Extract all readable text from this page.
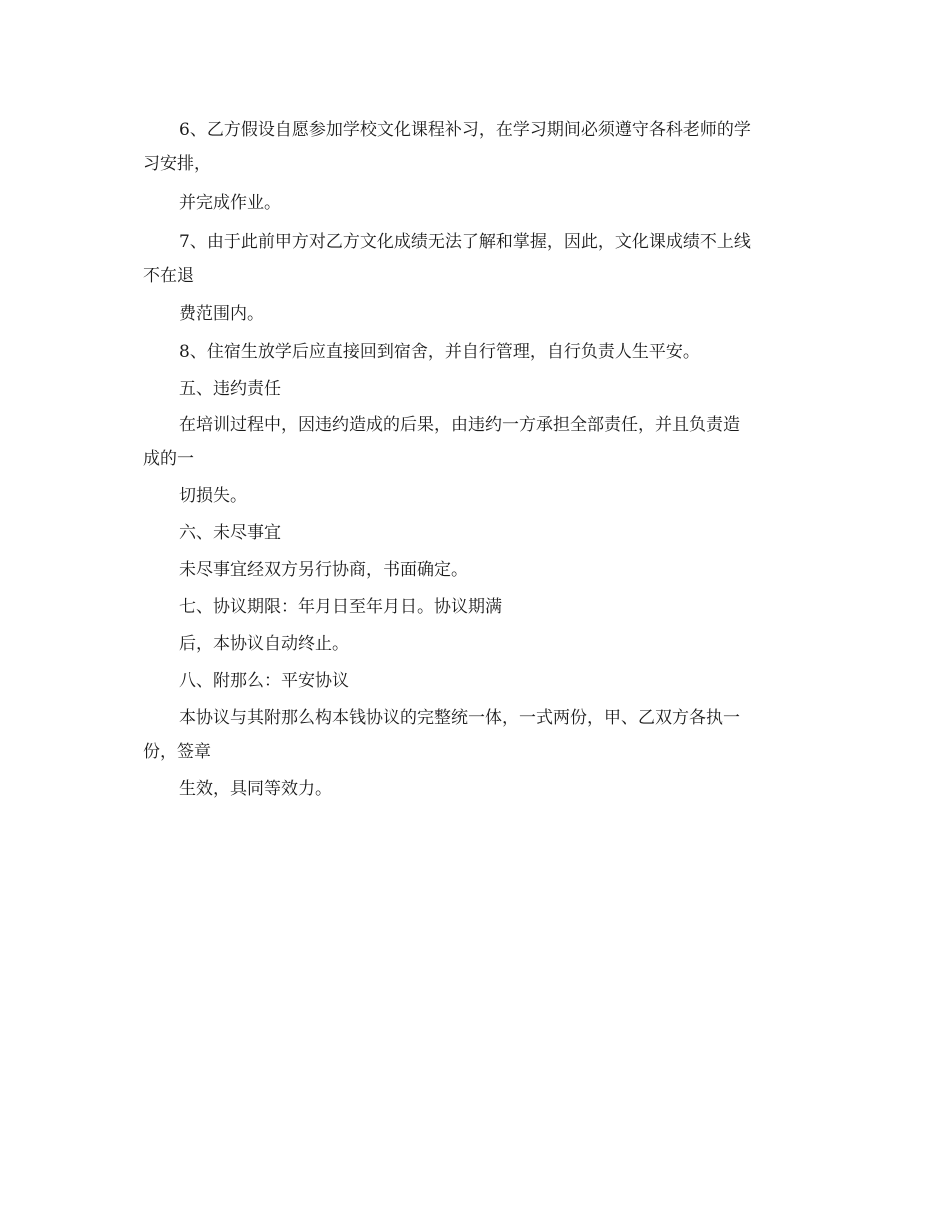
6、乙方假设自愿参加学校文化课程补习，在学习期间必须遵守各科老师的学
习安排，
并完成作业。
7、由于此前甲方对乙方文化成绩无法了解和掌握，因此，文化课成绩不上线
不在退
费范围内。
8、住宿生放学后应直接回到宿舍，并自行管理，自行负责人生平安。
五、违约责任
在培训过程中，因违约造成的后果，由违约一方承担全部责任，并且负责造
成的一
切损失。
六、未尽事宜
未尽事宜经双方另行协商，书面确定。
七、协议期限：年月日至年月日。协议期满
后，本协议自动终止。
八、附那么：平安协议
本协议与其附那么构本钱协议的完整统一体，一式两份，甲、乙双方各执一
份，签章
生效，具同等效力。
